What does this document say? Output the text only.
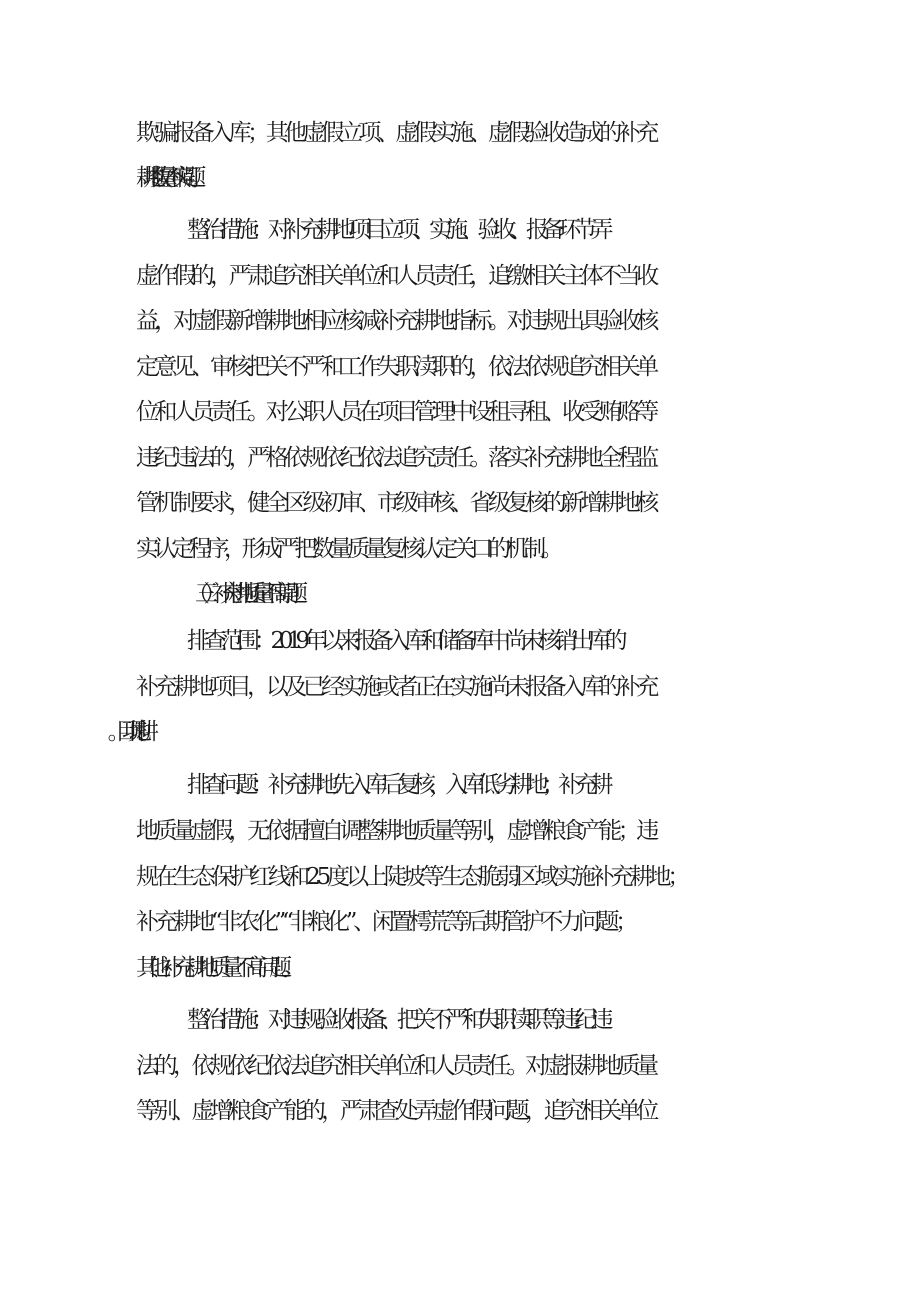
欺骗报备入库；其他虚假立项、虚假实施、虚假验收造成的补充
耕地数量不实问题。
整治措施：对补充耕地项目立项、实施、验收、报备环节弄
虚作假的，严肃追究相关单位和人员责任，追缴相关主体不当收
益，对虚假新增耕地相应核减补充耕地指标。对违规出具验收核
定意见、审核把关不严和工作失职渎职的，依法依规追究相关单
位和人员责任。对公职人员在项目管理中设租寻租、收受贿赂等
违纪违法的，严格依规依纪依法追究责任。落实补充耕地全程监
管机制要求，健全区级初审、市级审核、省级复核的新增耕地核
实认定程序，形成严把数量质量复核认定关口的机制。
（三）补充耕地质量不高问题
排查范围：2019年以来报备入库和储备库中尚未核销出库的
补充耕地项目，以及已经实施或者正在实施尚未报备入库的补充
排查问题：补充耕地先入库后复核，入库低劣耕地；补充耕
地质量虚假，无依据擅自调整耕地质量等别，虚增粮食产能；违
规在生态保护红线和25度以上陡坡等生态脆弱区域实施补充耕地；
补充耕地“非农化”“非粮化”、闲置樗荒等后期管护不力问题；
其他补充耕地质量不高问题。
整治措施：对违规验收报备、把关不严和失职渎职等违纪违
法的，依规依纪依法追究相关单位和人员责任。对虚报耕地质量
等别、虚增粮食产能的，严肃查处弄虚作假问题，追究相关单位
